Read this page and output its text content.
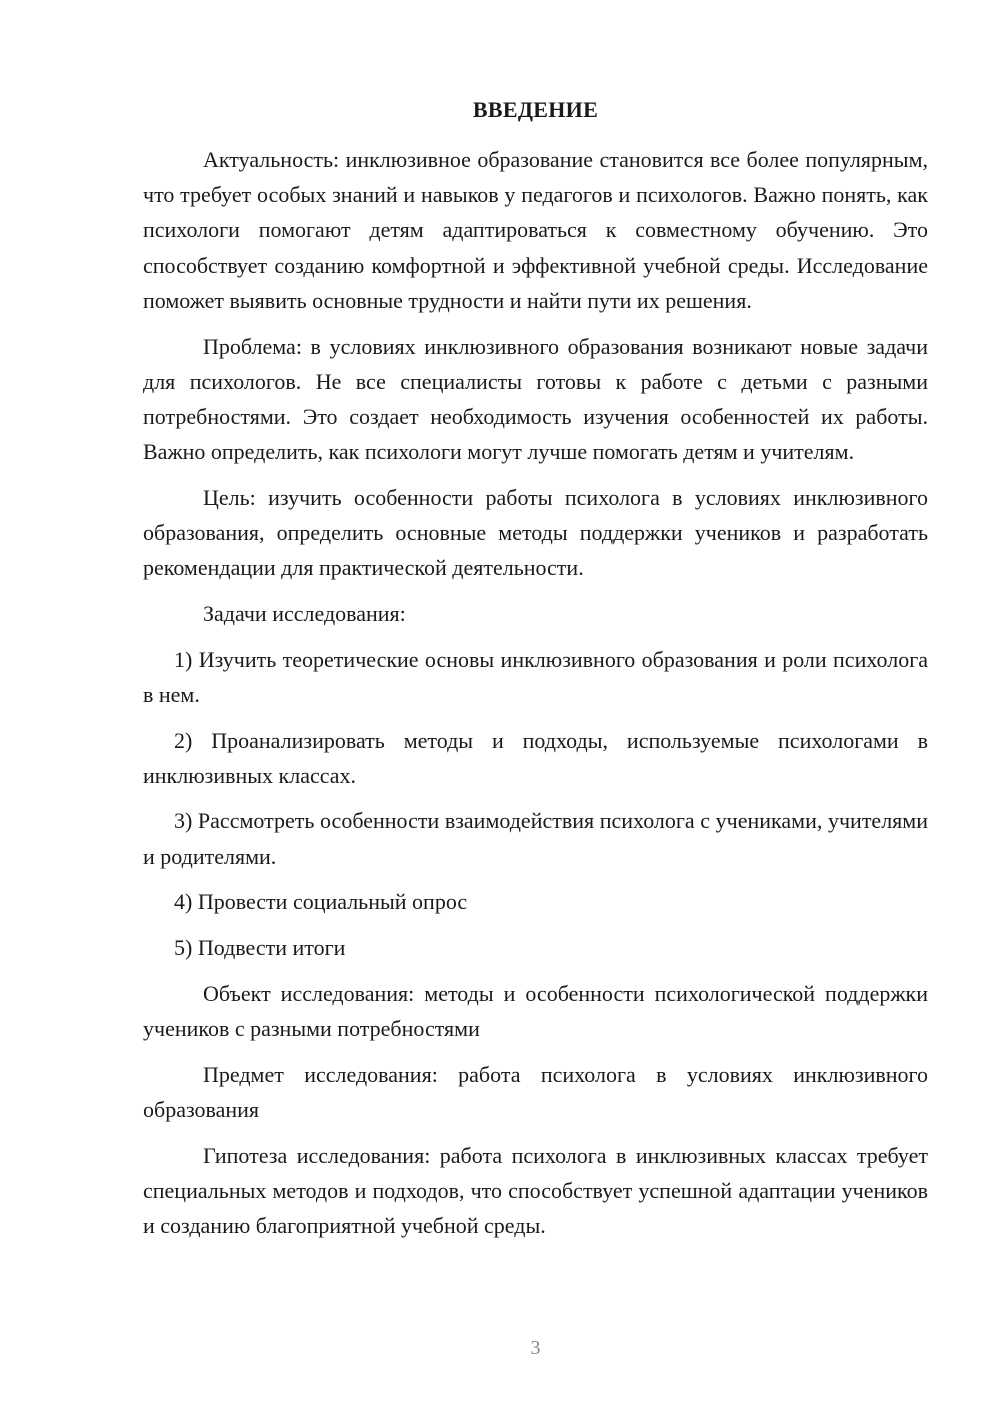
ВВЕДЕНИЕ

Актуальность: инклюзивное образование становится все более популярным, что требует особых знаний и навыков у педагогов и психологов. Важно понять, как психологи помогают детям адаптироваться к совместному обучению. Это способствует созданию комфортной и эффективной учебной среды. Исследование поможет выявить основные трудности и найти пути их решения.

Проблема: в условиях инклюзивного образования возникают новые задачи для психологов. Не все специалисты готовы к работе с детьми с разными потребностями. Это создает необходимость изучения особенностей их работы. Важно определить, как психологи могут лучше помогать детям и учителям.

Цель: изучить особенности работы психолога в условиях инклюзивного образования, определить основные методы поддержки учеников и разработать рекомендации для практической деятельности.

Задачи исследования:

1) Изучить теоретические основы инклюзивного образования и роли психолога в нем.

2) Проанализировать методы и подходы, используемые психологами в инклюзивных классах.

3) Рассмотреть особенности взаимодействия психолога с учениками, учителями и родителями.

4) Провести социальный опрос

5) Подвести итоги

Объект исследования: методы и особенности психологической поддержки учеников с разными потребностями

Предмет исследования: работа психолога в условиях инклюзивного образования

Гипотеза исследования: работа психолога в инклюзивных классах требует специальных методов и подходов, что способствует успешной адаптации учеников и созданию благоприятной учебной среды.

3
